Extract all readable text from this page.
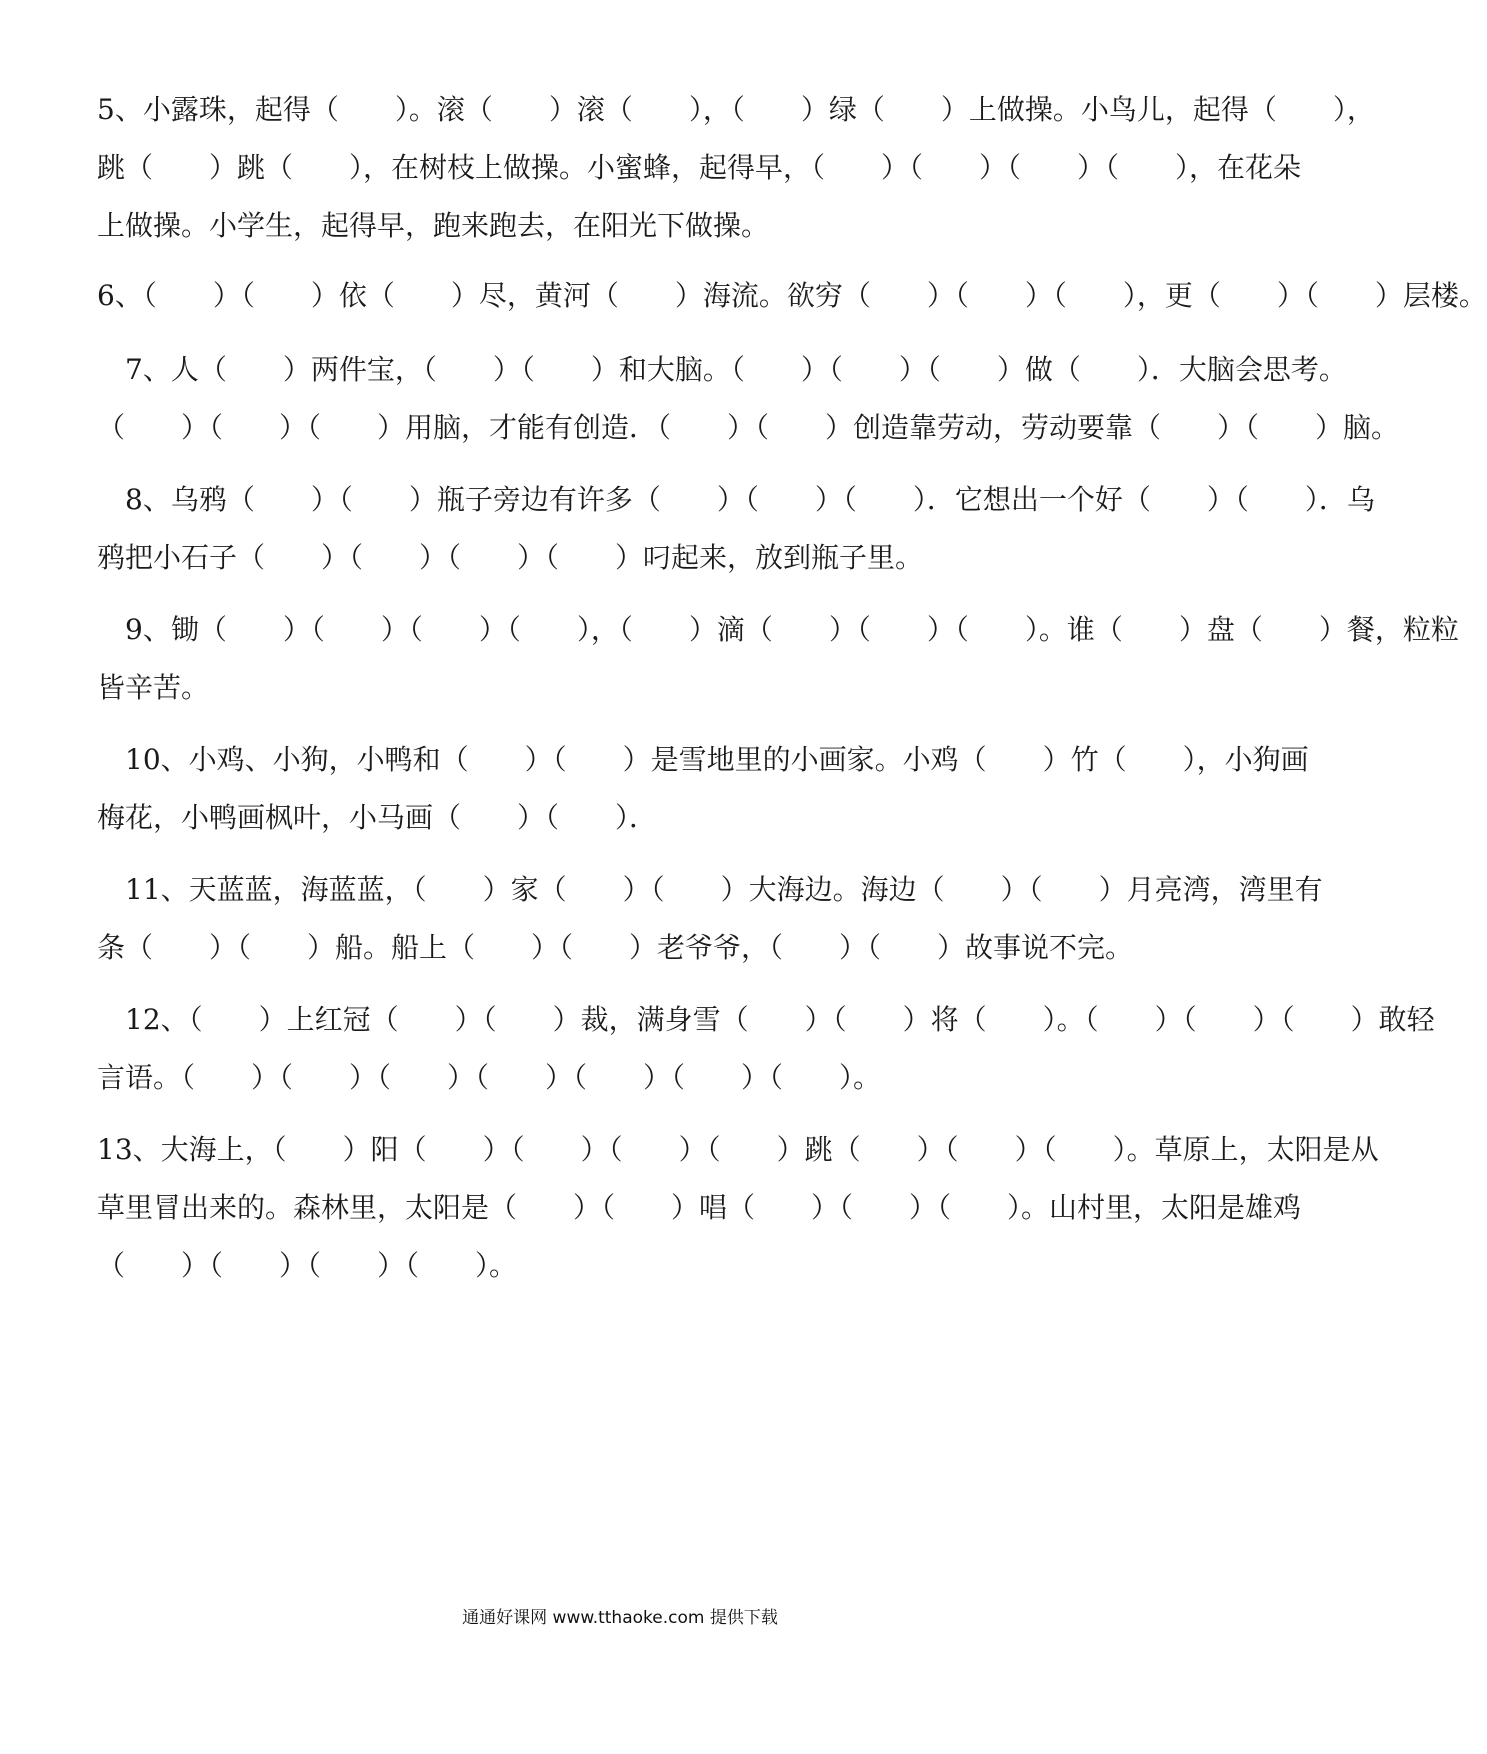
5、小露珠，起得（　　）。滚（　　）滚（　　），（　　）绿（　　）上做操。小鸟儿，起得（　　），
跳（　　）跳（　　），在树枝上做操。小蜜蜂，起得早，（　　）（　　）（　　）（　　），在花朵
上做操。小学生，起得早，跑来跑去，在阳光下做操。
6、（　　）（　　）依（　　）尽，黄河（　　）海流。欲穷（　　）（　　）（　　），更（　　）（　　）层楼。
　7、人（　　）两件宝，（　　）（　　）和大脑。（　　）（　　）（　　）做（　　）．大脑会思考。
（　　）（　　）（　　）用脑，才能有创造．（　　）（　　）创造靠劳动，劳动要靠（　　）（　　）脑。
　8、乌鸦（　　）（　　）瓶子旁边有许多（　　）（　　）（　　）．它想出一个好（　　）（　　）．乌
鸦把小石子（　　）（　　）（　　）（　　）叼起来，放到瓶子里。
　9、锄（　　）（　　）（　　）（　　），（　　）滴（　　）（　　）（　　）。谁（　　）盘（　　）餐，粒粒
皆辛苦。
　10、小鸡、小狗，小鸭和（　　）（　　）是雪地里的小画家。小鸡（　　）竹（　　），小狗画
梅花，小鸭画枫叶，小马画（　　）（　　）．
　11、天蓝蓝，海蓝蓝，（　　）家（　　）（　　）大海边。海边（　　）（　　）月亮湾，湾里有
条（　　）（　　）船。船上（　　）（　　）老爷爷，（　　）（　　）故事说不完。
　12、（　　）上红冠（　　）（　　）裁，满身雪（　　）（　　）将（　　）。（　　）（　　）（　　）敢轻
言语。（　　）（　　）（　　）（　　）（　　）（　　）（　　）。
13、大海上，（　　）阳（　　）（　　）（　　）（　　）跳（　　）（　　）（　　）。草原上，太阳是从
草里冒出来的。森林里，太阳是（　　）（　　）唱（　　）（　　）（　　）。山村里，太阳是雄鸡
（　　）（　　）（　　）（　　）。
通通好课网 www.tthaoke.com 提供下载
